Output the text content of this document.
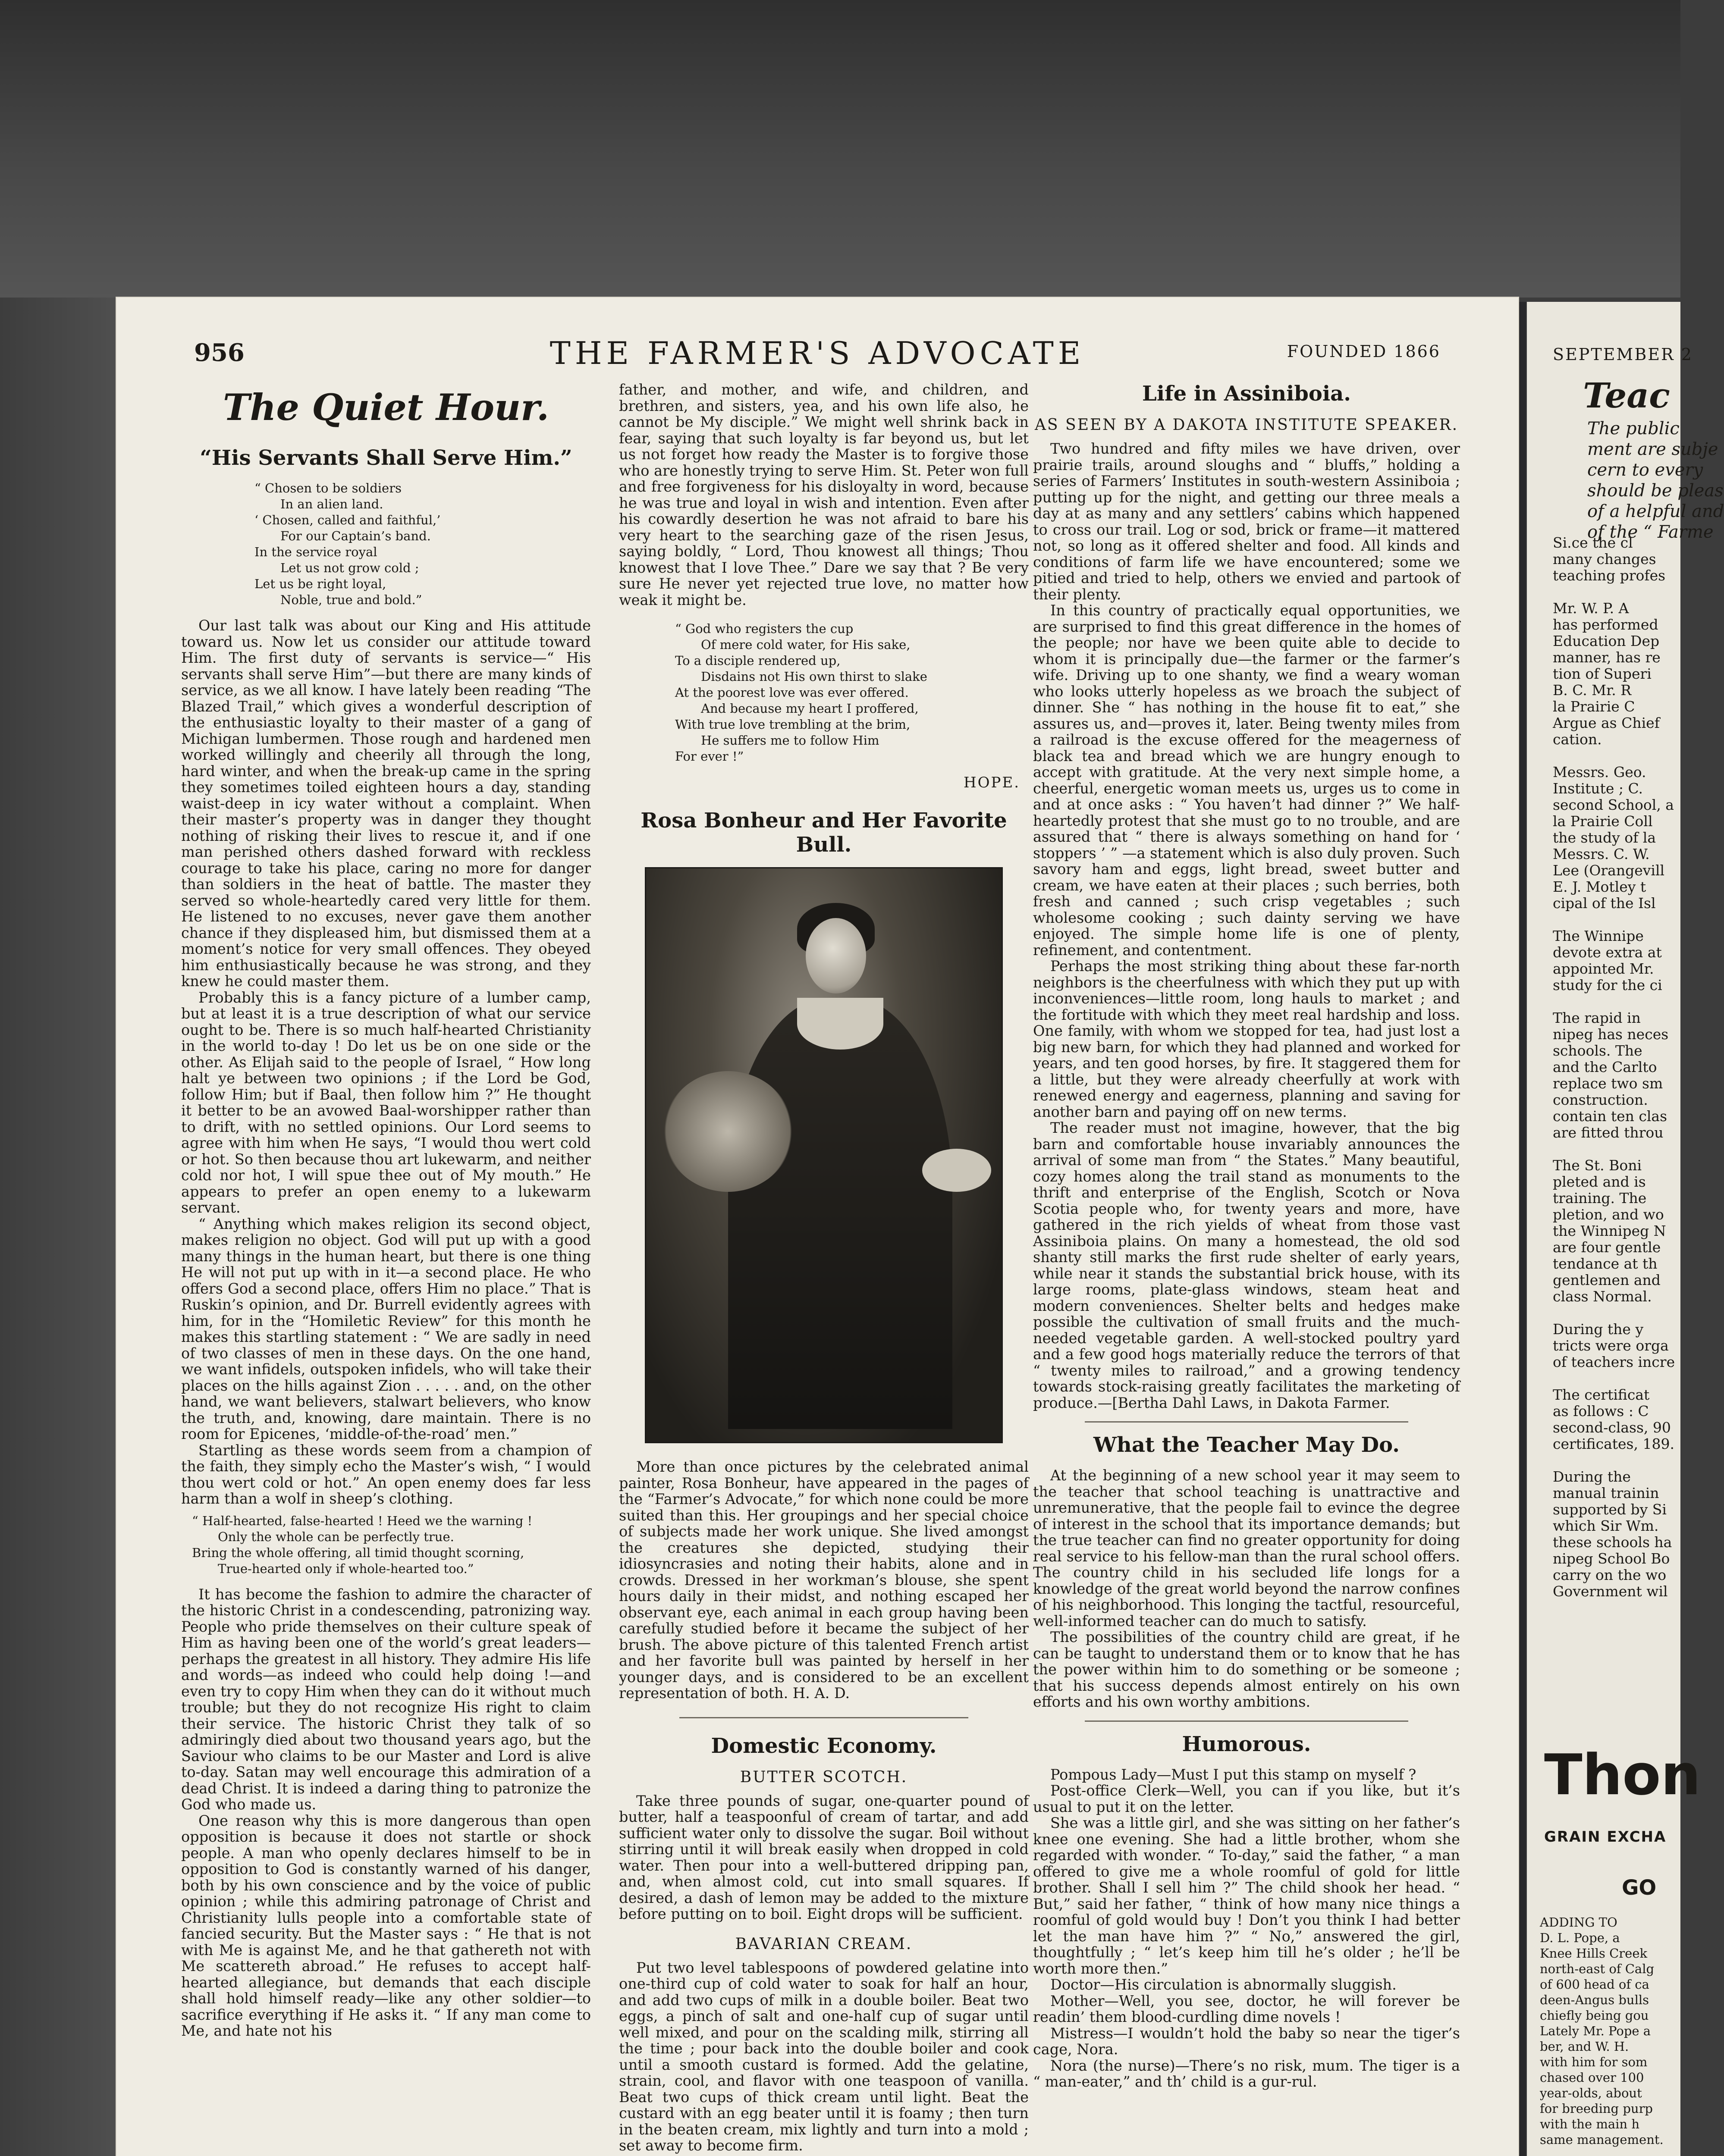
956	THE FARMER'S ADVOCATE	FOUNDED 1866
The Quiet Hour.
“His Servants Shall Serve Him.”
“ Chosen to be soldiers
In an alien land.
‘ Chosen, called and faithful,’
For our Captain’s band.
In the service royal
Let us not grow cold ;
Let us be right loyal,
Noble, true and bold.”

Our last talk was about our King and His attitude toward us. Now let us consider our attitude toward Him. The first duty of servants is service—“ His servants shall serve Him”—but there are many kinds of service, as we all know. I have lately been reading “The Blazed Trail,” which gives a wonderful description of the enthusiastic loyalty to their master of a gang of Michigan lumbermen. Those rough and hardened men worked willingly and cheerily all through the long, hard winter, and when the break-up came in the spring they sometimes toiled eighteen hours a day, standing waist-deep in icy water without a complaint. When their master’s property was in danger they thought nothing of risking their lives to rescue it, and if one man perished others dashed forward with reckless courage to take his place, caring no more for danger than soldiers in the heat of battle. The master they served so whole-heartedly cared very little for them. He listened to no excuses, never gave them another chance if they displeased him, but dismissed them at a moment’s notice for very small offences. They obeyed him enthusiastically because he was strong, and they knew he could master them.

Probably this is a fancy picture of a lumber camp, but at least it is a true description of what our service ought to be. There is so much half-hearted Christianity in the world to-day ! Do let us be on one side or the other. As Elijah said to the people of Israel, “ How long halt ye between two opinions ; if the Lord be God, follow Him; but if Baal, then follow him ?” He thought it better to be an avowed Baal-worshipper rather than to drift, with no settled opinions. Our Lord seems to agree with him when He says, “I would thou wert cold or hot. So then because thou art lukewarm, and neither cold nor hot, I will spue thee out of My mouth.” He appears to prefer an open enemy to a lukewarm servant.

“ Anything which makes religion its second object, makes religion no object. God will put up with a good many things in the human heart, but there is one thing He will not put up with in it—a second place. He who offers God a second place, offers Him no place.” That is Ruskin’s opinion, and Dr. Burrell evidently agrees with him, for in the “Homiletic Review” for this month he makes this startling statement : “ We are sadly in need of two classes of men in these days. On the one hand, we want infidels, outspoken infidels, who will take their places on the hills against Zion . . . . . and, on the other hand, we want believers, stalwart believers, who know the truth, and, knowing, dare maintain. There is no room for Epicenes, ‘middle-of-the-road’ men.”

Startling as these words seem from a champion of the faith, they simply echo the Master’s wish, “ I would thou wert cold or hot.” An open enemy does far less harm than a wolf in sheep’s clothing.

“ Half-hearted, false-hearted ! Heed we the warning !
Only the whole can be perfectly true.
Bring the whole offering, all timid thought scorning,
True-hearted only if whole-hearted too.”

It has become the fashion to admire the character of the historic Christ in a condescending, patronizing way. People who pride themselves on their culture speak of Him as having been one of the world’s great leaders—perhaps the greatest in all history. They admire His life and words—as indeed who could help doing !—and even try to copy Him when they can do it without much trouble; but they do not recognize His right to claim their service. The historic Christ they talk of so admiringly died about two thousand years ago, but the Saviour who claims to be our Master and Lord is alive to-day. Satan may well encourage this admiration of a dead Christ. It is indeed a daring thing to patronize the God who made us.

One reason why this is more dangerous than open opposition is because it does not startle or shock people. A man who openly declares himself to be in opposition to God is constantly warned of his danger, both by his own conscience and by the voice of public opinion ; while this admiring patronage of Christ and Christianity lulls people into a comfortable state of fancied security. But the Master says : “ He that is not with Me is against Me, and he that gathereth not with Me scattereth abroad.” He refuses to accept half-hearted allegiance, but demands that each disciple shall hold himself ready—like any other soldier—to sacrifice everything if He asks it. “ If any man come to Me, and hate not his

father, and mother, and wife, and children, and brethren, and sisters, yea, and his own life also, he cannot be My disciple.” We might well shrink back in fear, saying that such loyalty is far beyond us, but let us not forget how ready the Master is to forgive those who are honestly trying to serve Him. St. Peter won full and free forgiveness for his disloyalty in word, because he was true and loyal in wish and intention. Even after his cowardly desertion he was not afraid to bare his very heart to the searching gaze of the risen Jesus, saying boldly, “ Lord, Thou knowest all things; Thou knowest that I love Thee.” Dare we say that ? Be very sure He never yet rejected true love, no matter how weak it might be.

“ God who registers the cup
Of mere cold water, for His sake,
To a disciple rendered up,
Disdains not His own thirst to slake
At the poorest love was ever offered.
And because my heart I proffered,
With true love trembling at the brim,
He suffers me to follow Him
For ever !”
HOPE.
Rosa Bonheur and Her Favorite Bull.

More than once pictures by the celebrated animal painter, Rosa Bonheur, have appeared in the pages of the “Farmer’s Advocate,” for which none could be more suited than this. Her groupings and her special choice of subjects made her work unique. She lived amongst the creatures she depicted, studying their idiosyncrasies and noting their habits, alone and in crowds. Dressed in her workman’s blouse, she spent hours daily in their midst, and nothing escaped her observant eye, each animal in each group having been carefully studied before it became the subject of her brush. The above picture of this talented French artist and her favorite bull was painted by herself in her younger days, and is considered to be an excellent representation of both. H. A. D.

Domestic Economy.
BUTTER SCOTCH.

Take three pounds of sugar, one-quarter pound of butter, half a teaspoonful of cream of tartar, and add sufficient water only to dissolve the sugar. Boil without stirring until it will break easily when dropped in cold water. Then pour into a well-buttered dripping pan, and, when almost cold, cut into small squares. If desired, a dash of lemon may be added to the mixture before putting on to boil. Eight drops will be sufficient.

BAVARIAN CREAM.

Put two level tablespoons of powdered gelatine into one-third cup of cold water to soak for half an hour, and add two cups of milk in a double boiler. Beat two eggs, a pinch of salt and one-half cup of sugar until well mixed, and pour on the scalding milk, stirring all the time ; pour back into the double boiler and cook until a smooth custard is formed. Add the gelatine, strain, cool, and flavor with one teaspoon of vanilla. Beat two cups of thick cream until light. Beat the custard with an egg beater until it is foamy ; then turn in the beaten cream, mix lightly and turn into a mold ; set away to become firm.

Life in Assiniboia.
AS SEEN BY A DAKOTA INSTITUTE SPEAKER.

Two hundred and fifty miles we have driven, over prairie trails, around sloughs and “ bluffs,” holding a series of Farmers’ Institutes in south-western Assiniboia ; putting up for the night, and getting our three meals a day at as many and any settlers’ cabins which happened to cross our trail. Log or sod, brick or frame—it mattered not, so long as it offered shelter and food. All kinds and conditions of farm life we have encountered; some we pitied and tried to help, others we envied and partook of their plenty.

In this country of practically equal opportunities, we are surprised to find this great difference in the homes of the people; nor have we been quite able to decide to whom it is principally due—the farmer or the farmer’s wife. Driving up to one shanty, we find a weary woman who looks utterly hopeless as we broach the subject of dinner. She “ has nothing in the house fit to eat,” she assures us, and—proves it, later. Being twenty miles from a railroad is the excuse offered for the meagerness of black tea and bread which we are hungry enough to accept with gratitude. At the very next simple home, a cheerful, energetic woman meets us, urges us to come in and at once asks : “ You haven’t had dinner ?” We half-heartedly protest that she must go to no trouble, and are assured that “ there is always something on hand for ‘ stoppers ’ ” —a statement which is also duly proven. Such savory ham and eggs, light bread, sweet butter and cream, we have eaten at their places ; such berries, both fresh and canned ; such crisp vegetables ; such wholesome cooking ; such dainty serving we have enjoyed. The simple home life is one of plenty, refinement, and contentment.

Perhaps the most striking thing about these far-north neighbors is the cheerfulness with which they put up with inconveniences—little room, long hauls to market ; and the fortitude with which they meet real hardship and loss. One family, with whom we stopped for tea, had just lost a big new barn, for which they had planned and worked for years, and ten good horses, by fire. It staggered them for a little, but they were already cheerfully at work with renewed energy and eagerness, planning and saving for another barn and paying off on new terms.

The reader must not imagine, however, that the big barn and comfortable house invariably announces the arrival of some man from “ the States.” Many beautiful, cozy homes along the trail stand as monuments to the thrift and enterprise of the English, Scotch or Nova Scotia people who, for twenty years and more, have gathered in the rich yields of wheat from those vast Assiniboia plains. On many a homestead, the old sod shanty still marks the first rude shelter of early years, while near it stands the substantial brick house, with its large rooms, plate-glass windows, steam heat and modern conveniences. Shelter belts and hedges make possible the cultivation of small fruits and the much-needed vegetable garden. A well-stocked poultry yard and a few good hogs materially reduce the terrors of that “ twenty miles to railroad,” and a growing tendency towards stock-raising greatly facilitates the marketing of produce.—[Bertha Dahl Laws, in Dakota Farmer.

What the Teacher May Do.

At the beginning of a new school year it may seem to the teacher that school teaching is unattractive and unremunerative, that the people fail to evince the degree of interest in the school that its importance demands; but the true teacher can find no greater opportunity for doing real service to his fellow-man than the rural school offers. The country child in his secluded life longs for a knowledge of the great world beyond the narrow confines of his neighborhood. This longing the tactful, resourceful, well-informed teacher can do much to satisfy.

The possibilities of the country child are great, if he can be taught to understand them or to know that he has the power within him to do something or be someone ; that his success depends almost entirely on his own efforts and his own worthy ambitions.

Humorous.

Pompous Lady—Must I put this stamp on myself ?

Post-office Clerk—Well, you can if you like, but it’s usual to put it on the letter.

She was a little girl, and she was sitting on her father’s knee one evening. She had a little brother, whom she regarded with wonder. “ To-day,” said the father, “ a man offered to give me a whole roomful of gold for little brother. Shall I sell him ?” The child shook her head. “ But,” said her father, “ think of how many nice things a roomful of gold would buy ! Don’t you think I had better let the man have him ?” “ No,” answered the girl, thoughtfully ; “ let’s keep him till he’s older ; he’ll be worth more then.”

Doctor—His circulation is abnormally sluggish.

Mother—Well, you see, doctor, he will forever be readin’ them blood-curdling dime novels !

Mistress—I wouldn’t hold the baby so near the tiger’s cage, Nora.

Nora (the nurse)—There’s no risk, mum. The tiger is a “ man-eater,” and th’ child is a gur-rul.

SEPTEMBER 2
Teac
The public
ment are subje
cern to every
should be pleas
of a helpful and
of the “ Farme
Si.ce the cl
many changes
teaching profes

Mr. W. P. A
has performed
Education Dep
manner, has re
tion of Superi
B. C. Mr. R
la Prairie C
Argue as Chief
cation.

Messrs. Geo.
Institute ; C.
second School, a
la Prairie Coll
the study of la
Messrs. C. W.
Lee (Orangevill
E. J. Motley t
cipal of the Isl

The Winnipe
devote extra at
appointed Mr.
study for the ci

The rapid in
nipeg has neces
schools. The
and the Carlto
replace two sm
construction.
contain ten clas
are fitted throu

The St. Boni
pleted and is
training. The
pletion, and wo
the Winnipeg N
are four gentle
tendance at th
gentlemen and
class Normal.

During the y
tricts were orga
of teachers incre

The certificat
as follows : C
second-class, 90
certificates, 189.

During the
manual trainin
supported by Si
which Sir Wm.
these schools ha
nipeg School Bo
carry on the wo
Government wil
Thon
GRAIN EXCHA
GO
ADDING TO
D. L. Pope, a
Knee Hills Creek
north-east of Calg
of 600 head of ca
deen-Angus bulls
chiefly being gou
Lately Mr. Pope a
ber, and W. H.
with him for som
chased over 100
year-olds, about
for breeding purp
with the main h
same management.
